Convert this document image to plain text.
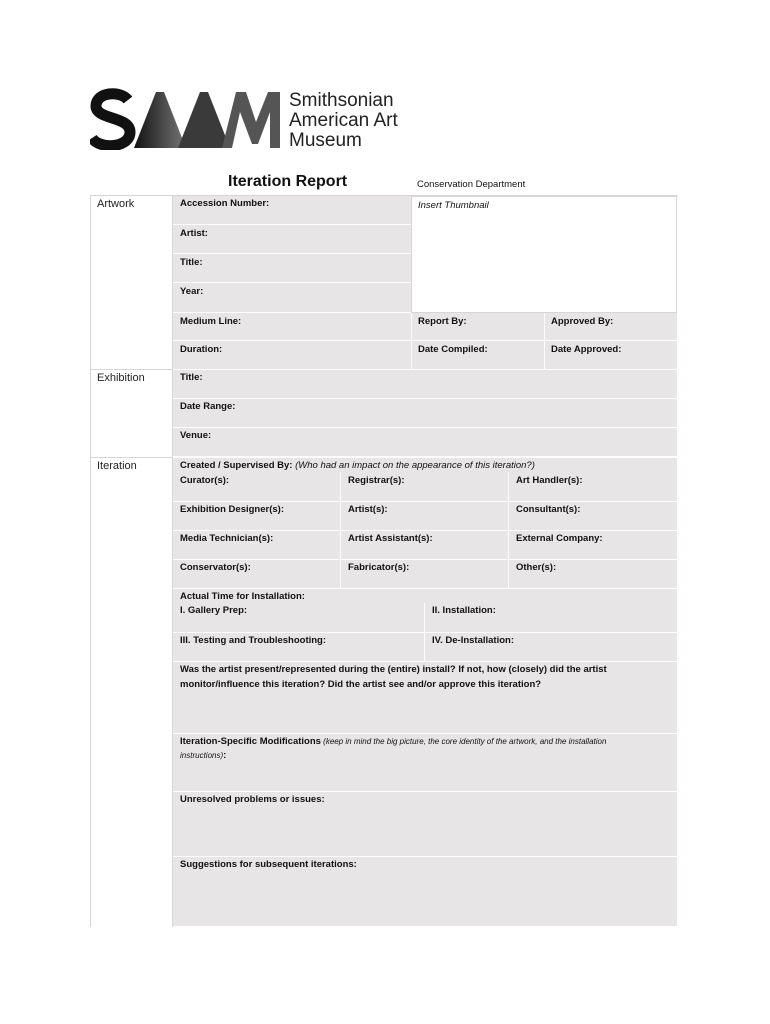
Smithsonian
American Art
Museum
Iteration Report	Conservation Department
Artwork
Exhibition
Iteration
Accession Number:	Insert Thumbnail
Artist:
Title:
Year:
Medium Line:	Report By:	Approved By:
Duration:	Date Compiled:	Date Approved:
Title:
Date Range:
Venue:
Created / Supervised By: (Who had an impact on the appearance of this iteration?)
Curator(s):	Registrar(s):	Art Handler(s):
Exhibition Designer(s):	Artist(s):	Consultant(s):
Media Technician(s):	Artist Assistant(s):	External Company:
Conservator(s):	Fabricator(s):	Other(s):
Actual Time for Installation:
I. Gallery Prep:	II. Installation:
III. Testing and Troubleshooting:	IV. De-Installation:
Was the artist present/represented during the (entire) install? If not, how (closely) did the artist
monitor/influence this iteration? Did the artist see and/or approve this iteration?
Iteration-Specific Modifications (keep in mind the big picture, the core identity of the artwork, and the installation
instructions):
Unresolved problems or issues:
Suggestions for subsequent iterations:
